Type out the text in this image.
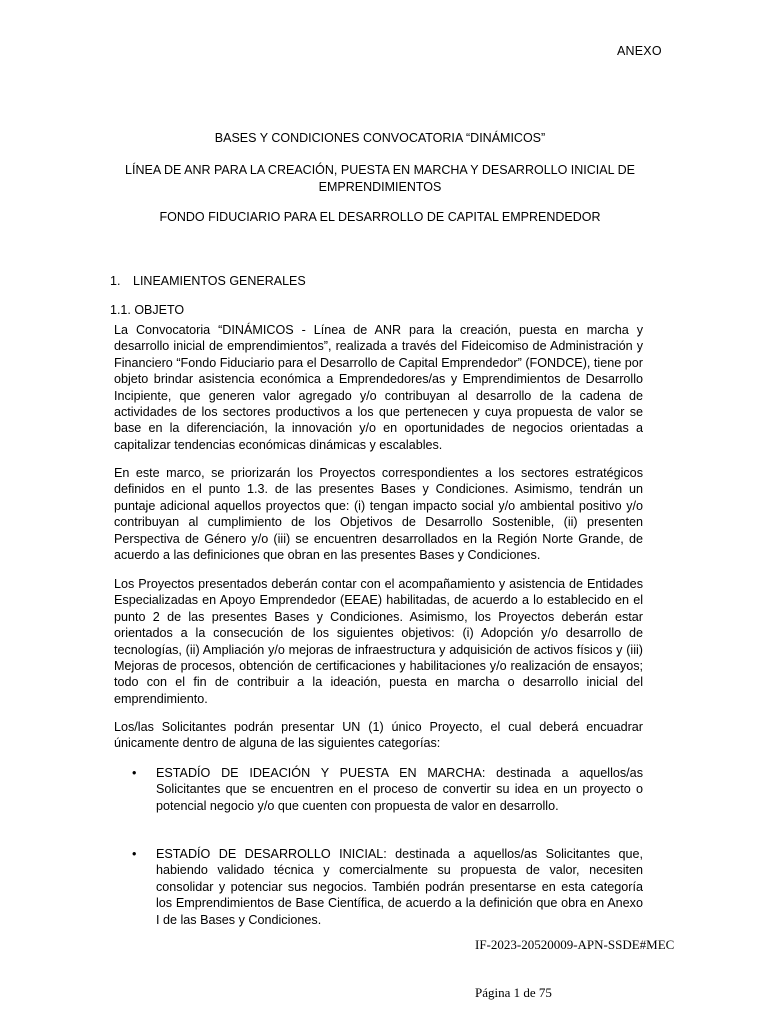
ANEXO
BASES Y CONDICIONES CONVOCATORIA “DINÁMICOS”
LÍNEA DE ANR PARA LA CREACIÓN, PUESTA EN MARCHA Y DESARROLLO INICIAL DE EMPRENDIMIENTOS
FONDO FIDUCIARIO PARA EL DESARROLLO DE CAPITAL EMPRENDEDOR
1. LINEAMIENTOS GENERALES
1.1. OBJETO

La Convocatoria “DINÁMICOS - Línea de ANR para la creación, puesta en marcha y desarrollo inicial de emprendimientos”, realizada a través del Fideicomiso de Administración y Financiero “Fondo Fiduciario para el Desarrollo de Capital Emprendedor” (FONDCE), tiene por objeto brindar asistencia económica a Emprendedores/as y Emprendimientos de Desarrollo Incipiente, que generen valor agregado y/o contribuyan al desarrollo de la cadena de actividades de los sectores productivos a los que pertenecen y cuya propuesta de valor se base en la diferenciación, la innovación y/o en oportunidades de negocios orientadas a capitalizar tendencias económicas dinámicas y escalables.

En este marco, se priorizarán los Proyectos correspondientes a los sectores estratégicos definidos en el punto 1.3. de las presentes Bases y Condiciones. Asimismo, tendrán un puntaje adicional aquellos proyectos que: (i) tengan impacto social y/o ambiental positivo y/o contribuyan al cumplimiento de los Objetivos de Desarrollo Sostenible, (ii) presenten Perspectiva de Género y/o (iii) se encuentren desarrollados en la Región Norte Grande, de acuerdo a las definiciones que obran en las presentes Bases y Condiciones.

Los Proyectos presentados deberán contar con el acompañamiento y asistencia de Entidades Especializadas en Apoyo Emprendedor (EEAE) habilitadas, de acuerdo a lo establecido en el punto 2 de las presentes Bases y Condiciones. Asimismo, los Proyectos deberán estar orientados a la consecución de los siguientes objetivos: (i) Adopción y/o desarrollo de tecnologías, (ii) Ampliación y/o mejoras de infraestructura y adquisición de activos físicos y (iii) Mejoras de procesos, obtención de certificaciones y habilitaciones y/o realización de ensayos; todo con el fin de contribuir a la ideación, puesta en marcha o desarrollo inicial del emprendimiento.

Los/las Solicitantes podrán presentar UN (1) único Proyecto, el cual deberá encuadrar únicamente dentro de alguna de las siguientes categorías:

•	ESTADÍO DE IDEACIÓN Y PUESTA EN MARCHA: destinada a aquellos/as Solicitantes que se encuentren en el proceso de convertir su idea en un proyecto o potencial negocio y/o que cuenten con propuesta de valor en desarrollo.

•	ESTADÍO DE DESARROLLO INICIAL: destinada a aquellos/as Solicitantes que, habiendo validado técnica y comercialmente su propuesta de valor, necesiten consolidar y potenciar sus negocios. También podrán presentarse en esta categoría los Emprendimientos de Base Científica, de acuerdo a la definición que obra en Anexo I de las Bases y Condiciones.

IF-2023-20520009-APN-SSDE#MEC
Página 1 de 75
